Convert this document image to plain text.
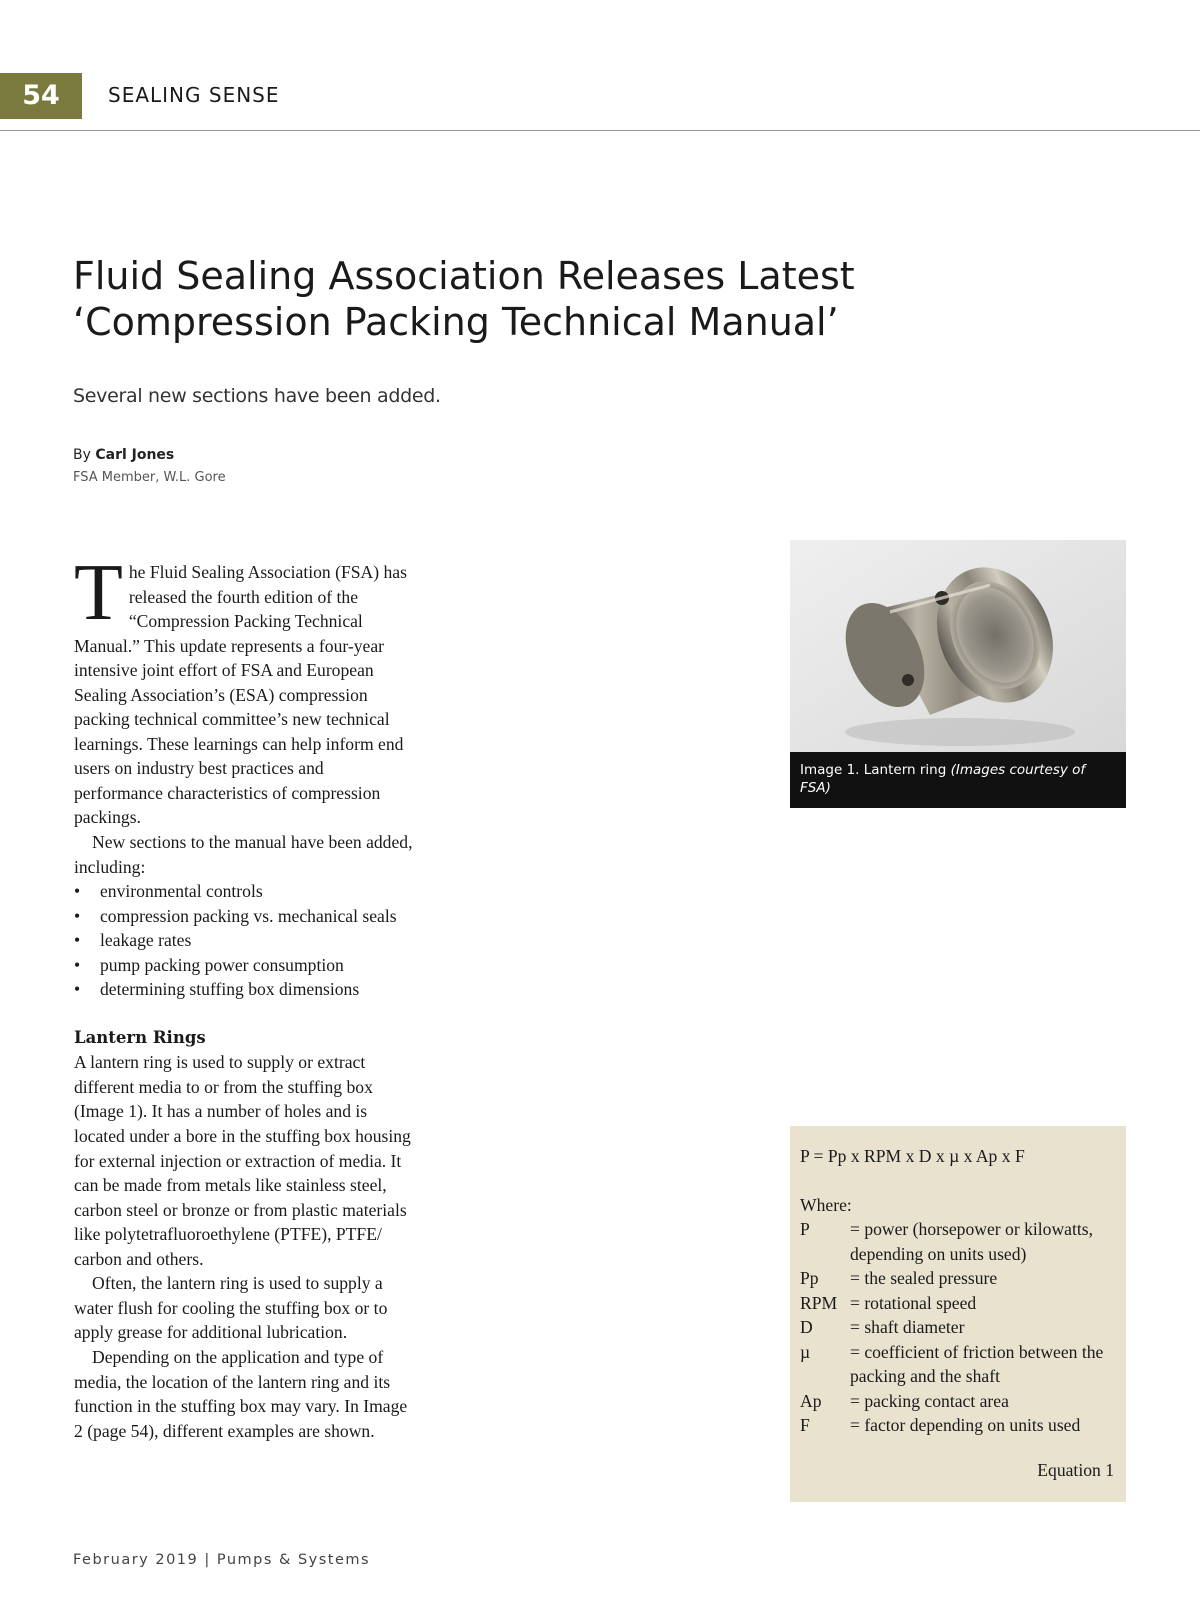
54	SEALING SENSE
Fluid Sealing Association Releases Latest
‘Compression Packing Technical Manual’
Several new sections have been added.
By Carl Jones
FSA Member, W.L. Gore

The Fluid Sealing Association (FSA) has released the fourth edition of the “Compression Packing Technical Manual.” This update represents a four-year intensive joint effort of FSA and European Sealing Association’s (ESA) compression packing technical committee’s new technical learnings. These learnings can help inform end users on industry best practices and performance characteristics of compression packings.

New sections to the manual have been added, including:

• environmental controls
• compression packing vs. mechanical seals
• leakage rates
• pump packing power consumption
• determining stuffing box dimensions

Lantern Rings

A lantern ring is used to supply or extract different media to or from the stuffing box (Image 1). It has a number of holes and is located under a bore in the stuffing box housing for external injection or extraction of media. It can be made from metals like stainless steel, carbon steel or bronze or from plastic materials like polytetrafluoroethylene (PTFE), PTFE/ carbon and others.

Often, the lantern ring is used to supply a water flush for cooling the stuffing box or to apply grease for additional lubrication.

Depending on the application and type of media, the location of the lantern ring and its function in the stuffing box may vary. In Image 2 (page 54), different examples are shown.

Image 1. Lantern ring (Images courtesy of FSA)

P = Pp x RPM x D x µ x Ap x F

Where:

P = power (horsepower or kilowatts, depending on units used)
Pp = the sealed pressure
RPM = rotational speed
D = shaft diameter
µ = coefficient of friction between the packing and the shaft
Ap = packing contact area
F = factor depending on units used
Equation 1
February 2019 | Pumps & Systems
